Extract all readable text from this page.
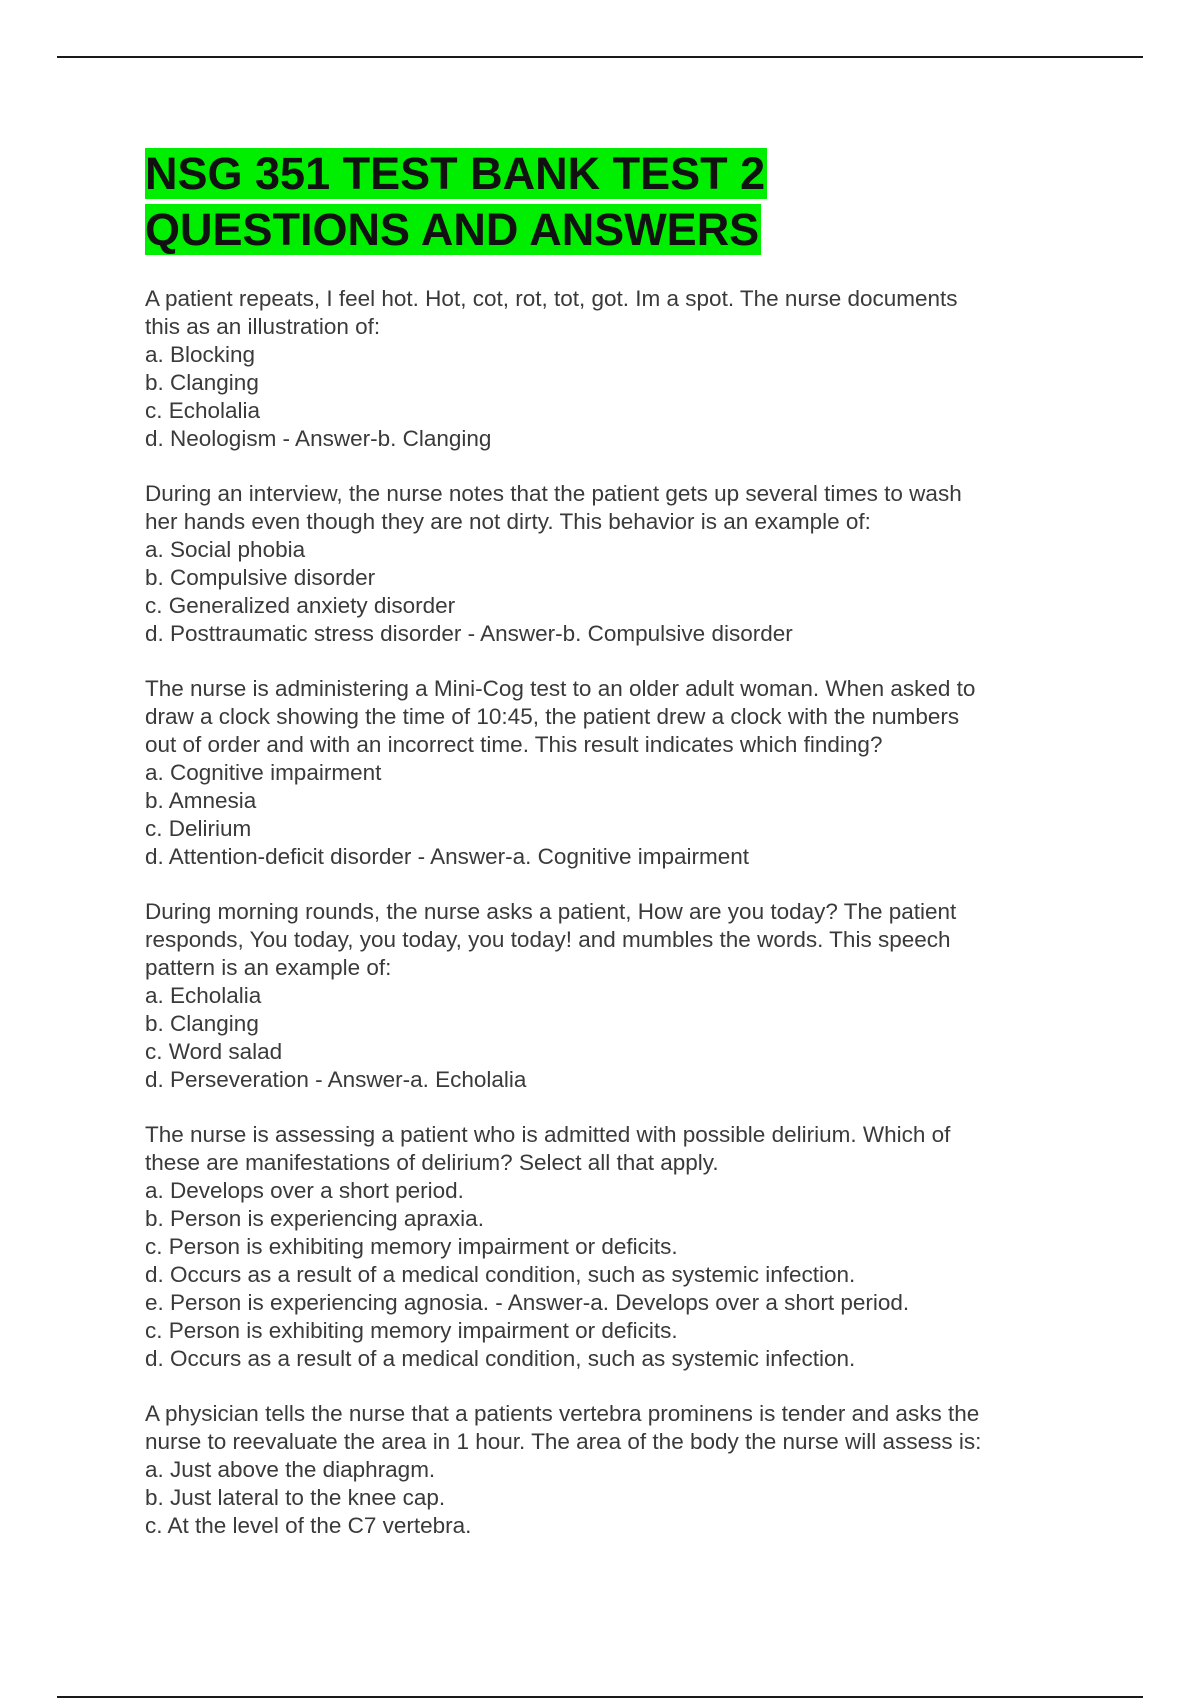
NSG 351 TEST BANK TEST 2
QUESTIONS AND ANSWERS
A patient repeats, I feel hot. Hot, cot, rot, tot, got. Im a spot. The nurse documents
this as an illustration of:
a. Blocking
b. Clanging
c. Echolalia
d. Neologism - Answer-b. Clanging
During an interview, the nurse notes that the patient gets up several times to wash
her hands even though they are not dirty. This behavior is an example of:
a. Social phobia
b. Compulsive disorder
c. Generalized anxiety disorder
d. Posttraumatic stress disorder - Answer-b. Compulsive disorder
The nurse is administering a Mini-Cog test to an older adult woman. When asked to
draw a clock showing the time of 10:45, the patient drew a clock with the numbers
out of order and with an incorrect time. This result indicates which finding?
a. Cognitive impairment
b. Amnesia
c. Delirium
d. Attention-deficit disorder - Answer-a. Cognitive impairment
During morning rounds, the nurse asks a patient, How are you today? The patient
responds, You today, you today, you today! and mumbles the words. This speech
pattern is an example of:
a. Echolalia
b. Clanging
c. Word salad
d. Perseveration - Answer-a. Echolalia
The nurse is assessing a patient who is admitted with possible delirium. Which of
these are manifestations of delirium? Select all that apply.
a. Develops over a short period.
b. Person is experiencing apraxia.
c. Person is exhibiting memory impairment or deficits.
d. Occurs as a result of a medical condition, such as systemic infection.
e. Person is experiencing agnosia. - Answer-a. Develops over a short period.
c. Person is exhibiting memory impairment or deficits.
d. Occurs as a result of a medical condition, such as systemic infection.
A physician tells the nurse that a patients vertebra prominens is tender and asks the
nurse to reevaluate the area in 1 hour. The area of the body the nurse will assess is:
a. Just above the diaphragm.
b. Just lateral to the knee cap.
c. At the level of the C7 vertebra.
